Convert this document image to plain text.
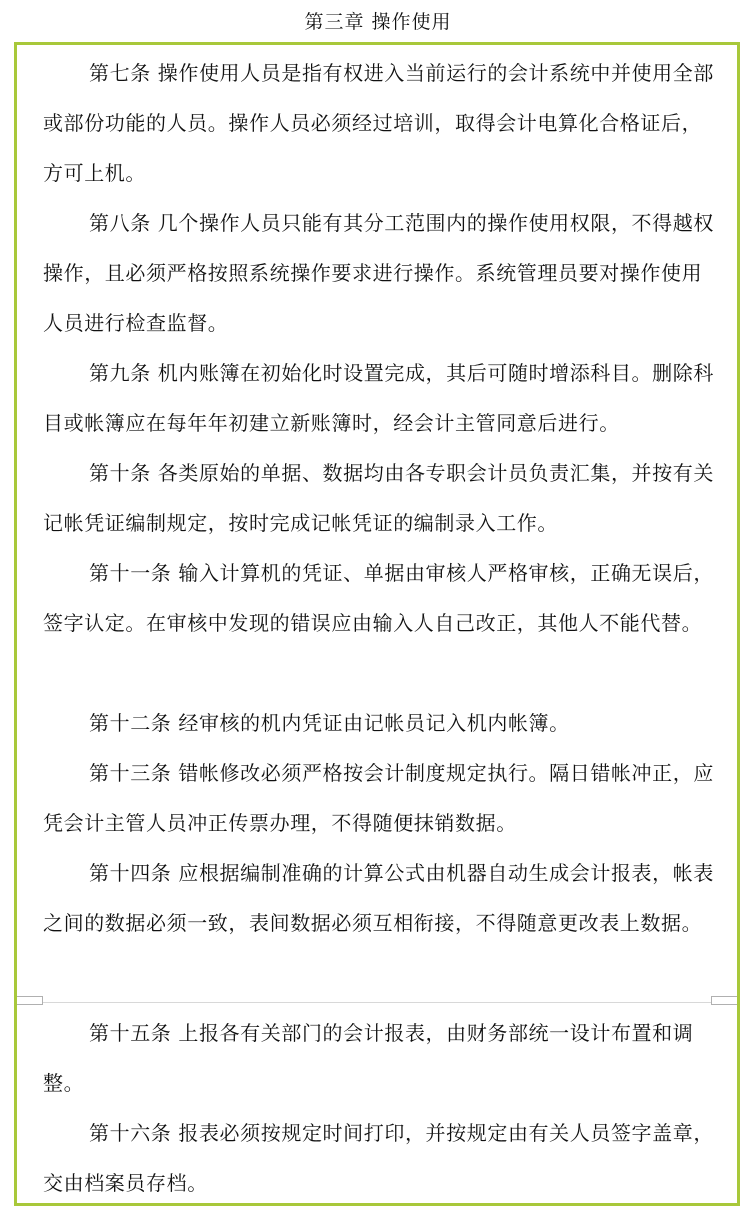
第三章 操作使用

第七条 操作使用人员是指有权进入当前运行的会计系统中并使用全部或部份功能的人员。操作人员必须经过培训，取得会计电算化合格证后，方可上机。

第八条 几个操作人员只能有其分工范围内的操作使用权限，不得越权操作，且必须严格按照系统操作要求进行操作。系统管理员要对操作使用人员进行检查监督。

第九条 机内账簿在初始化时设置完成，其后可随时增添科目。删除科目或帐簿应在每年年初建立新账簿时，经会计主管同意后进行。

第十条 各类原始的单据、数据均由各专职会计员负责汇集，并按有关记帐凭证编制规定，按时完成记帐凭证的编制录入工作。

第十一条 输入计算机的凭证、单据由审核人严格审核，正确无误后，签字认定。在审核中发现的错误应由输入人自己改正，其他人不能代替。

第十二条 经审核的机内凭证由记帐员记入机内帐簿。

第十三条 错帐修改必须严格按会计制度规定执行。隔日错帐冲正，应凭会计主管人员冲正传票办理，不得随便抹销数据。

第十四条 应根据编制准确的计算公式由机器自动生成会计报表，帐表之间的数据必须一致，表间数据必须互相衔接，不得随意更改表上数据。

第十五条 上报各有关部门的会计报表，由财务部统一设计布置和调整。

第十六条 报表必须按规定时间打印，并按规定由有关人员签字盖章，交由档案员存档。
